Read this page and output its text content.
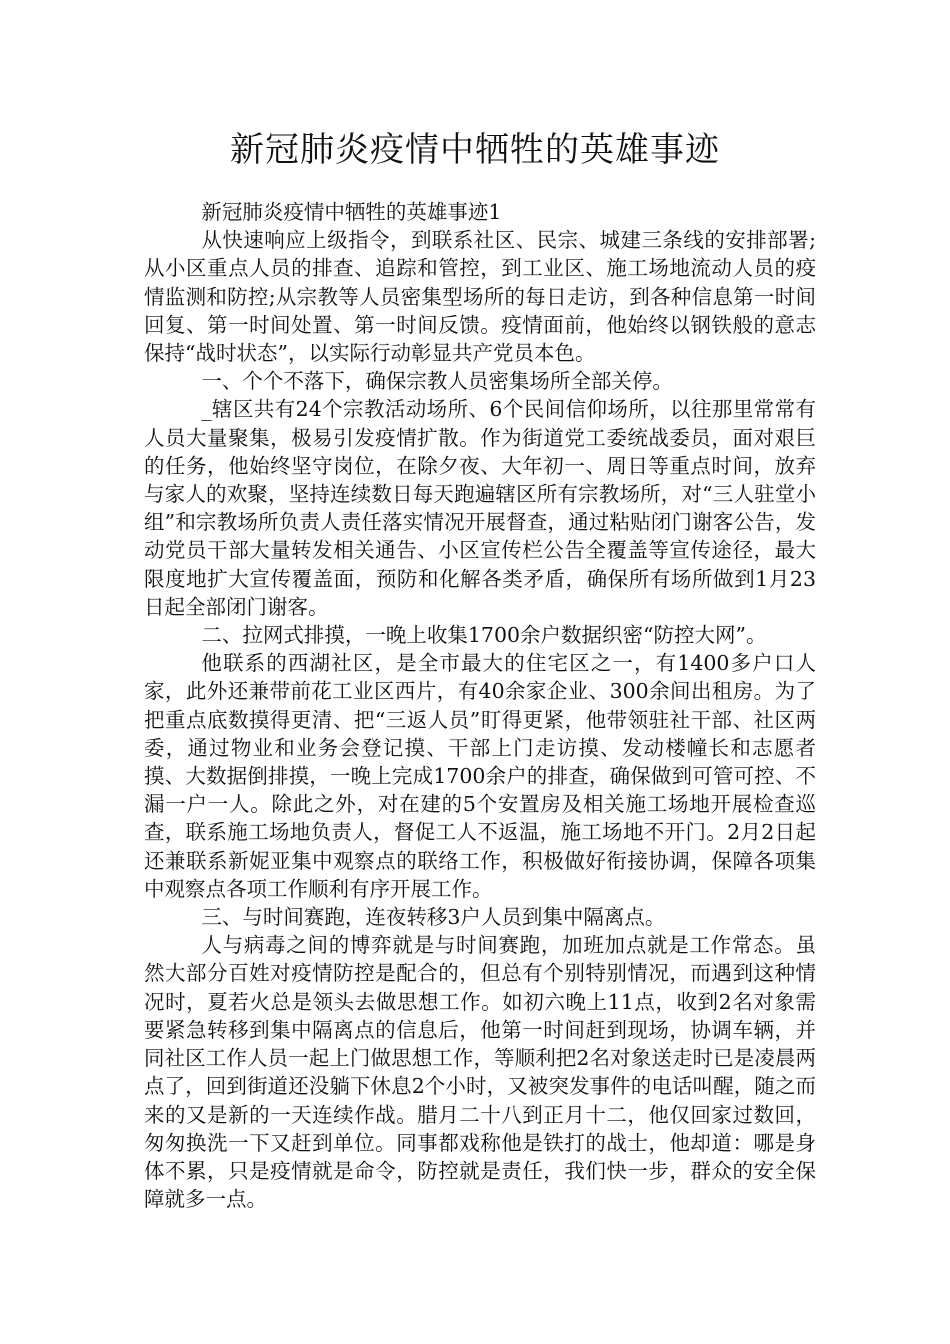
新冠肺炎疫情中牺牲的英雄事迹

新冠肺炎疫情中牺牲的英雄事迹1

从快速响应上级指令，到联系社区、民宗、城建三条线的安排部署;从小区重点人员的排查、追踪和管控，到工业区、施工场地流动人员的疫情监测和防控;从宗教等人员密集型场所的每日走访，到各种信息第一时间回复、第一时间处置、第一时间反馈。疫情面前，他始终以钢铁般的意志保持“战时状态”，以实际行动彰显共产党员本色。

一、个个不落下，确保宗教人员密集场所全部关停。

_辖区共有24个宗教活动场所、6个民间信仰场所，以往那里常常有人员大量聚集，极易引发疫情扩散。作为街道党工委统战委员，面对艰巨的任务，他始终坚守岗位，在除夕夜、大年初一、周日等重点时间，放弃与家人的欢聚，坚持连续数日每天跑遍辖区所有宗教场所，对“三人驻堂小组”和宗教场所负责人责任落实情况开展督查，通过粘贴闭门谢客公告，发动党员干部大量转发相关通告、小区宣传栏公告全覆盖等宣传途径，最大限度地扩大宣传覆盖面，预防和化解各类矛盾，确保所有场所做到1月23日起全部闭门谢客。

二、拉网式排摸，一晚上收集1700余户数据织密“防控大网”。

他联系的西湖社区，是全市最大的住宅区之一，有1400多户口人家，此外还兼带前花工业区西片，有40余家企业、300余间出租房。为了把重点底数摸得更清、把“三返人员”盯得更紧，他带领驻社干部、社区两委，通过物业和业务会登记摸、干部上门走访摸、发动楼幢长和志愿者摸、大数据倒排摸，一晚上完成1700余户的排查，确保做到可管可控、不漏一户一人。除此之外，对在建的5个安置房及相关施工场地开展检查巡查，联系施工场地负责人，督促工人不返温，施工场地不开门。2月2日起还兼联系新妮亚集中观察点的联络工作，积极做好衔接协调，保障各项集中观察点各项工作顺利有序开展工作。

三、与时间赛跑，连夜转移3户人员到集中隔离点。

人与病毒之间的博弈就是与时间赛跑，加班加点就是工作常态。虽然大部分百姓对疫情防控是配合的，但总有个别特别情况，而遇到这种情况时，夏若火总是领头去做思想工作。如初六晚上11点，收到2名对象需要紧急转移到集中隔离点的信息后，他第一时间赶到现场，协调车辆，并同社区工作人员一起上门做思想工作，等顺利把2名对象送走时已是凌晨两点了，回到街道还没躺下休息2个小时，又被突发事件的电话叫醒，随之而来的又是新的一天连续作战。腊月二十八到正月十二，他仅回家过数回，匆匆换洗一下又赶到单位。同事都戏称他是铁打的战士，他却道：哪是身体不累，只是疫情就是命令，防控就是责任，我们快一步，群众的安全保障就多一点。
